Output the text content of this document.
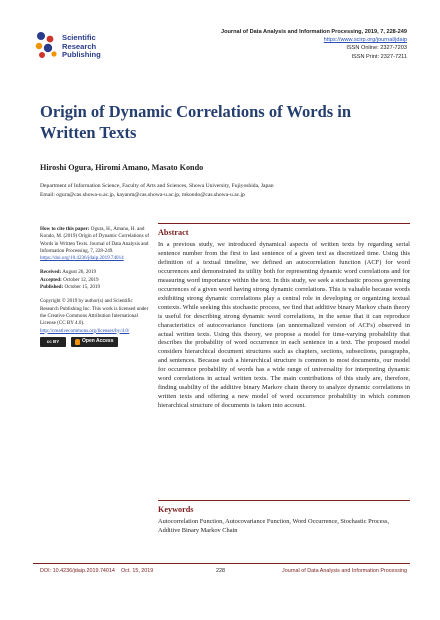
Scientific
Research
Publishing
Journal of Data Analysis and Information Processing, 2019, 7, 228-249
https://www.scirp.org/journal/jdaip
ISSN Online: 2327-7203
ISSN Print: 2327-7211
Origin of Dynamic Correlations of Words in Written Texts
Hiroshi Ogura, Hiromi Amano, Masato Kondo
Department of Information Science, Faculty of Arts and Sciences, Showa University, Fujiyoshida, Japan
Email: ogura@cas.showa-u.ac.jp, kayanm@cas.showa-u.ac.jp, mkondo@cas.showa-u.ac.jp
How to cite this paper: Ogura, H., Amano, H. and Kondo, M. (2019) Origin of Dynamic Correlations of Words in Written Texts. Journal of Data Analysis and Information Processing, 7, 228-249.
https://doi.org/10.4236/jdaip.2019.74014
Received: August 26, 2019
Accepted: October 12, 2019
Published: October 15, 2019
Copyright © 2019 by author(s) and Scientific Research Publishing Inc. This work is licensed under the Creative Commons Attribution International License (CC BY 4.0).
http://creativecommons.org/licenses/by/4.0/
cc BY	Open Access
Abstract

In a previous study, we introduced dynamical aspects of written texts by regarding serial sentence number from the first to last sentence of a given text as discretized time. Using this definition of a textual timeline, we defined an autocorrelation function (ACF) for word occurrences and demonstrated its utility both for representing dynamic word correlations and for measuring word importance within the text. In this study, we seek a stochastic process governing occurrences of a given word having strong dynamic correlations. This is valuable because words exhibiting strong dynamic correlations play a central role in developing or organizing textual contexts. While seeking this stochastic process, we find that additive binary Markov chain theory is useful for describing strong dynamic word correlations, in the sense that it can reproduce characteristics of autocovariance functions (an unnormalized version of ACFs) observed in actual written texts. Using this theory, we propose a model for time-varying probability that describes the probability of word occurrence in each sentence in a text. The proposed model considers hierarchical document structures such as chapters, sections, subsections, paragraphs, and sentences. Because such a hierarchical structure is common to most documents, our model for occurrence probability of words has a wide range of universality for interpreting dynamic word correlations in actual written texts. The main contributions of this study are, therefore, finding usability of the additive binary Markov chain theory to analyze dynamic correlations in written texts and offering a new model of word occurrence probability in which common hierarchical structure of documents is taken into account.

Keywords

Autocorrelation Function, Autocovariance Function, Word Occurrence, Stochastic Process, Additive Binary Markov Chain

DOI: 10.4236/jdaip.2019.74014 Oct. 15, 2019	228	Journal of Data Analysis and Information Processing
